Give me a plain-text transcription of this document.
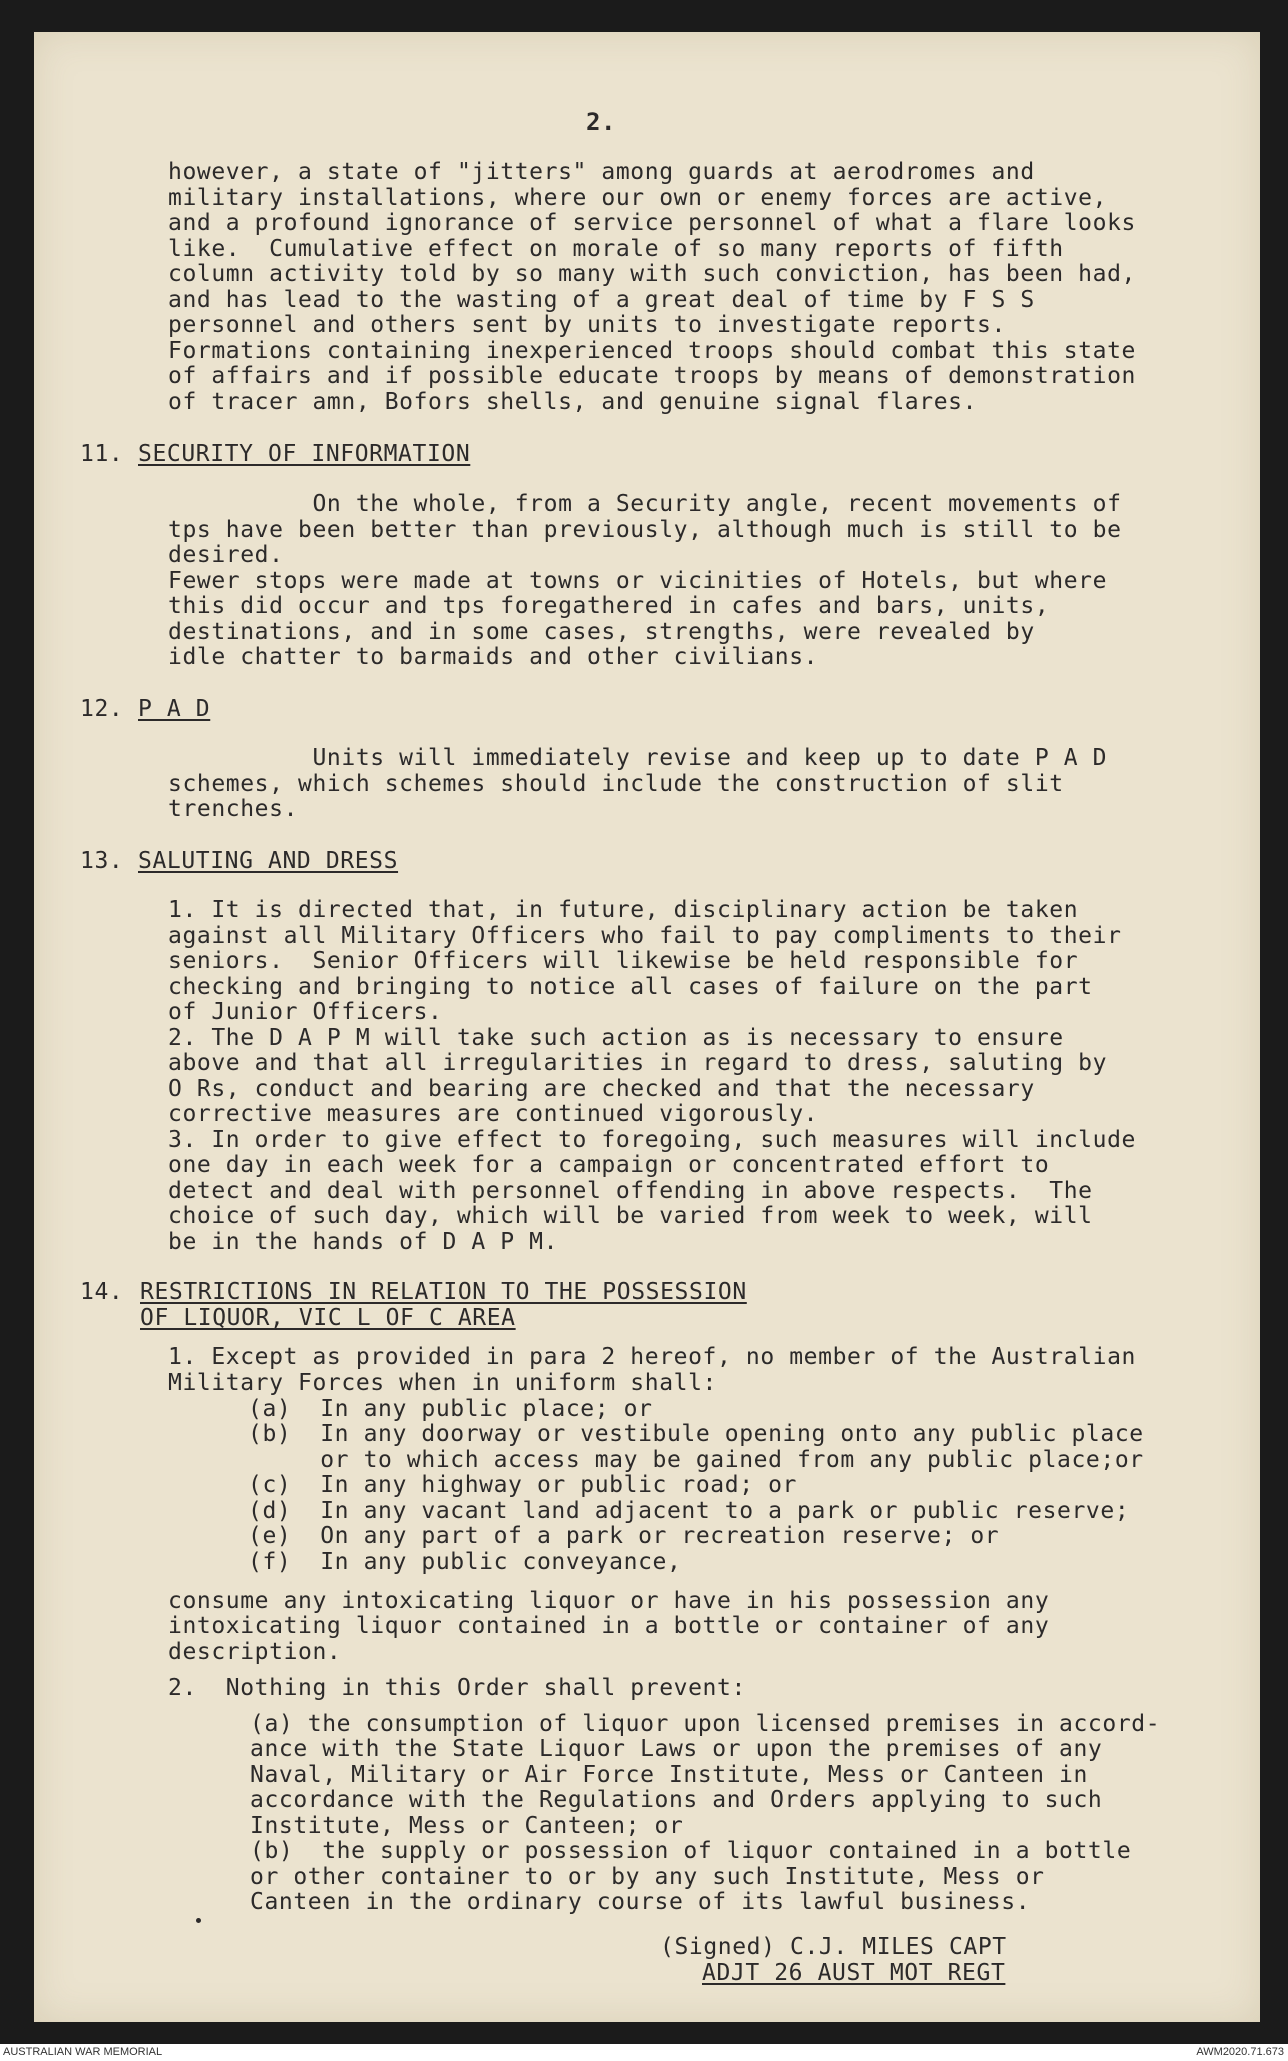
2.

however, a state of "jitters" among guards at aerodromes and

military installations, where our own or enemy forces are active,

and a profound ignorance of service personnel of what a flare looks

like.  Cumulative effect on morale of so many reports of fifth

column activity told by so many with such conviction, has been had,

and has lead to the wasting of a great deal of time by F S S

personnel and others sent by units to investigate reports.

Formations containing inexperienced troops should combat this state

of affairs and if possible educate troops by means of demonstration

of tracer amn, Bofors shells, and genuine signal flares.

11. SECURITY OF INFORMATION

On the whole, from a Security angle, recent movements of

tps have been better than previously, although much is still to be

desired.

Fewer stops were made at towns or vicinities of Hotels, but where

this did occur and tps foregathered in cafes and bars, units,

destinations, and in some cases, strengths, were revealed by

idle chatter to barmaids and other civilians.

12. P A D

Units will immediately revise and keep up to date P A D

schemes, which schemes should include the construction of slit

trenches.

13. SALUTING AND DRESS

1. It is directed that, in future, disciplinary action be taken

against all Military Officers who fail to pay compliments to their

seniors.  Senior Officers will likewise be held responsible for

checking and bringing to notice all cases of failure on the part

of Junior Officers.

2. The D A P M will take such action as is necessary to ensure

above and that all irregularities in regard to dress, saluting by

O Rs, conduct and bearing are checked and that the necessary

corrective measures are continued vigorously.

3. In order to give effect to foregoing, such measures will include

one day in each week for a campaign or concentrated effort to

detect and deal with personnel offending in above respects.  The

choice of such day, which will be varied from week to week, will

be in the hands of D A P M.

14. RESTRICTIONS IN RELATION TO THE POSSESSION

OF LIQUOR, VIC L OF C AREA

1. Except as provided in para 2 hereof, no member of the Australian

Military Forces when in uniform shall:

(a)  In any public place; or

(b)  In any doorway or vestibule opening onto any public place

or to which access may be gained from any public place;or

(c)  In any highway or public road; or

(d)  In any vacant land adjacent to a park or public reserve;

(e)  On any part of a park or recreation reserve; or

(f)  In any public conveyance,

consume any intoxicating liquor or have in his possession any

intoxicating liquor contained in a bottle or container of any

description.

2.  Nothing in this Order shall prevent:

(a) the consumption of liquor upon licensed premises in accord-

ance with the State Liquor Laws or upon the premises of any

Naval, Military or Air Force Institute, Mess or Canteen in

accordance with the Regulations and Orders applying to such

Institute, Mess or Canteen; or

(b)  the supply or possession of liquor contained in a bottle

or other container to or by any such Institute, Mess or

Canteen in the ordinary course of its lawful business.

(Signed) C.J. MILES CAPT

ADJT 26 AUST MOT REGT

AUSTRALIAN WAR MEMORIAL	AWM2020.71.673
